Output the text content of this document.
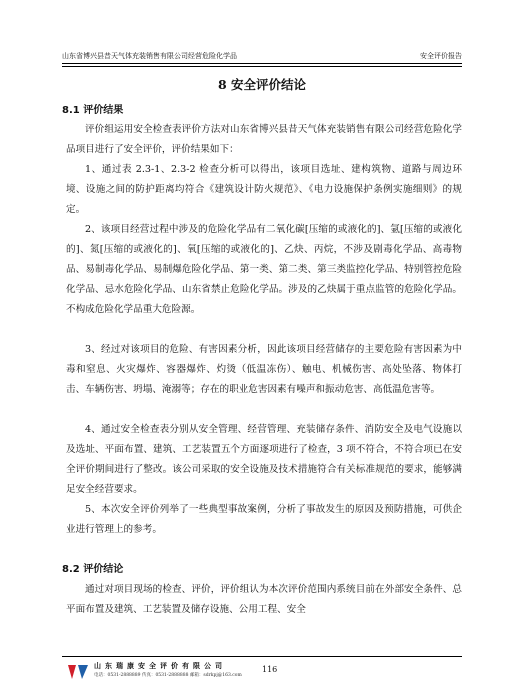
山东省博兴县昔天气体充装销售有限公司经营危险化学品	安全评价报告
8 安全评价结论
8.1 评价结果

评价组运用安全检查表评价方法对山东省博兴县昔天气体充装销售有限公司经营危险化学品项目进行了安全评价，评价结果如下：

1、通过表 2.3-1、2.3-2 检查分析可以得出，该项目选址、建构筑物、道路与周边环境、设施之间的防护距离均符合《建筑设计防火规范》、《电力设施保护条例实施细则》的规定。

2、该项目经营过程中涉及的危险化学品有二氧化碳[压缩的或液化的]、氩[压缩的或液化的]、氮[压缩的或液化的]、氧[压缩的或液化的]、乙炔、丙烷，不涉及剧毒化学品、高毒物品、易制毒化学品、易制爆危险化学品、第一类、第二类、第三类监控化学品、特别管控危险化学品、忌水危险化学品、山东省禁止危险化学品。涉及的乙炔属于重点监管的危险化学品。不构成危险化学品重大危险源。

3、经过对该项目的危险、有害因素分析，因此该项目经营储存的主要危险有害因素为中毒和窒息、火灾爆炸、容器爆炸、灼烫（低温冻伤）、触电、机械伤害、高处坠落、物体打击、车辆伤害、坍塌、淹溺等；存在的职业危害因素有噪声和振动危害、高低温危害等。

4、通过安全检查表分别从安全管理、经营管理、充装储存条件、消防安全及电气设施以及选址、平面布置、建筑、工艺装置五个方面逐项进行了检查，3 项不符合，不符合项已在安全评价期间进行了整改。该公司采取的安全设施及技术措施符合有关标准规范的要求，能够满足安全经营要求。

5、本次安全评价列举了一些典型事故案例，分析了事故发生的原因及预防措施，可供企业进行管理上的参考。

8.2 评价结论

通过对项目现场的检查、评价，评价组认为本次评价范围内系统目前在外部安全条件、总平面布置及建筑、工艺装置及储存设施、公用工程、安全

山东瑞康安全评价有限公司
电话：0531-2888889 传真：0531-2888888 邮箱：sdrkpj@163.com
116
